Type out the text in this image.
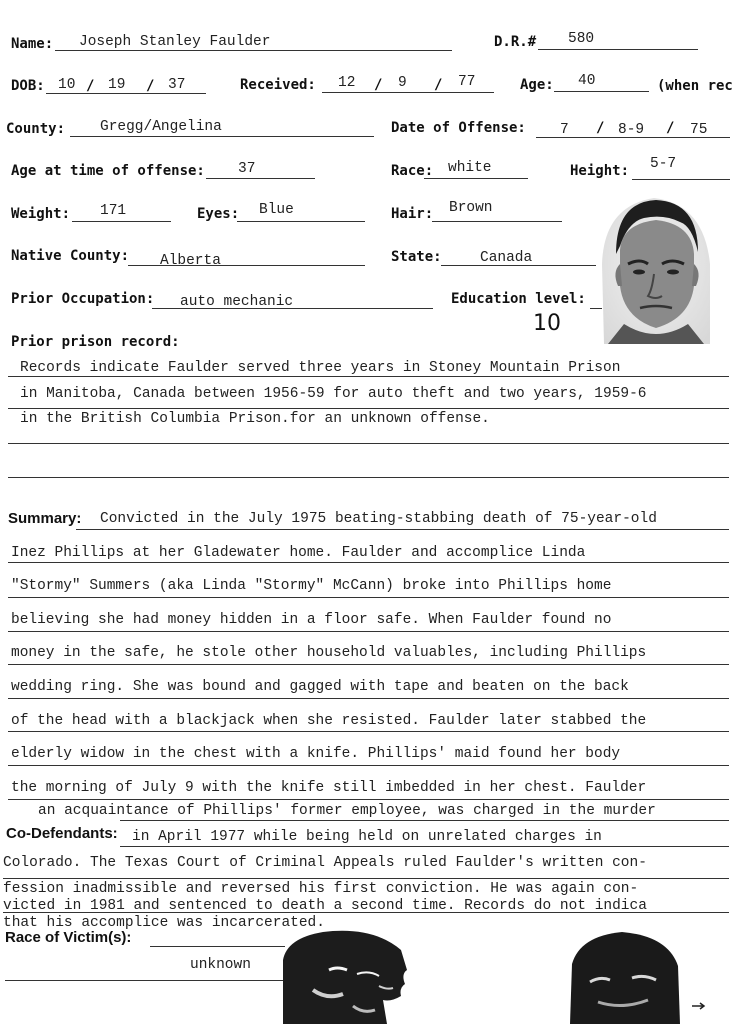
Name: Joseph Stanley Faulder	D.R.# 580
DOB: 10 / 19 / 37	Received: 12 / 9 / 77	Age: 40	(when rec
County: Gregg/Angelina	Date of Offense: 7 / 8-9 / 75
Age at time of offense: 37	Race: white	Height: 5-7
Weight: 171	Eyes: Blue	Hair: Brown
Native County: Alberta	State:	Canada
Prior Occupation: auto mechanic	Education level:
10
Prior prison record:
Records indicate Faulder served three years in Stoney Mountain Prison
in Manitoba, Canada between 1956-59 for auto theft and two years, 1959-6
in the British Columbia Prison.for an unknown offense.
Summary: Convicted in the July 1975 beating-stabbing death of 75-year-old
Inez Phillips at her Gladewater home. Faulder and accomplice Linda
"Stormy" Summers (aka Linda "Stormy" McCann) broke into Phillips home
believing she had money hidden in a floor safe. When Faulder found no
money in the safe, he stole other household valuables, including Phillips
wedding ring. She was bound and gagged with tape and beaten on the back
of the head with a blackjack when she resisted. Faulder later stabbed the
elderly widow in the chest with a knife. Phillips' maid found her body
the morning of July 9 with the knife still imbedded in her chest. Faulder
an acquaintance of Phillips' former employee, was charged in the murder
Co-Defendants: in April 1977 while being held on unrelated charges in
Colorado. The Texas Court of Criminal Appeals ruled Faulder's written con-
fession inadmissible and reversed his first conviction. He was again con-
victed in 1981 and sentenced to death a second time. Records do not indica
that his accomplice was incarcerated.
Race of Victim(s):
unknown
